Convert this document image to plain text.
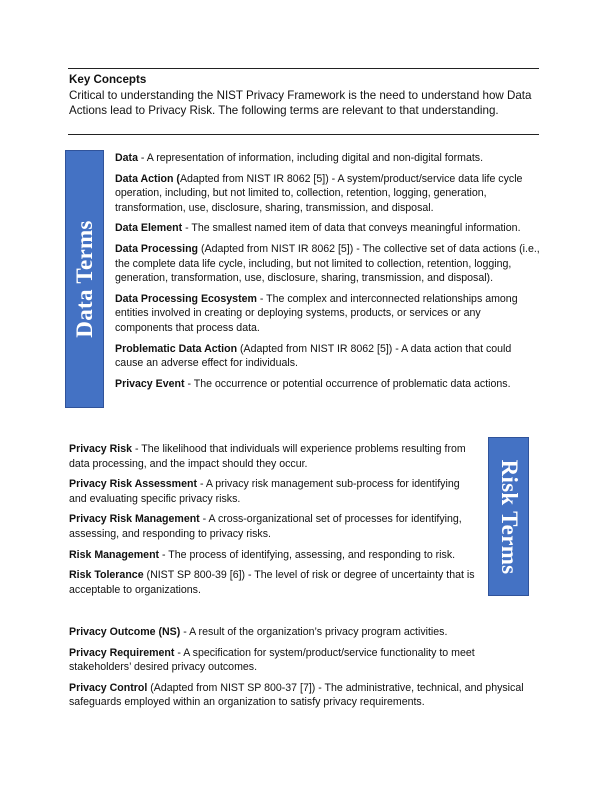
Key Concepts
Critical to understanding the NIST Privacy Framework is the need to understand how Data Actions lead to Privacy Risk. The following terms are relevant to that understanding.
Data Terms

Data - A representation of information, including digital and non-digital formats.

Data Action (Adapted from NIST IR 8062 [5]) - A system/product/service data life cycle operation, including, but not limited to, collection, retention, logging, generation, transformation, use, disclosure, sharing, transmission, and disposal.

Data Element - The smallest named item of data that conveys meaningful information.

Data Processing (Adapted from NIST IR 8062 [5]) - The collective set of data actions (i.e., the complete data life cycle, including, but not limited to collection, retention, logging, generation, transformation, use, disclosure, sharing, transmission, and disposal).

Data Processing Ecosystem - The complex and interconnected relationships among entities involved in creating or deploying systems, products, or services or any components that process data.

Problematic Data Action (Adapted from NIST IR 8062 [5]) - A data action that could cause an adverse effect for individuals.

Privacy Event - The occurrence or potential occurrence of problematic data actions.

Privacy Risk - The likelihood that individuals will experience problems resulting from data processing, and the impact should they occur.

Privacy Risk Assessment - A privacy risk management sub-process for identifying and evaluating specific privacy risks.

Privacy Risk Management - A cross-organizational set of processes for identifying, assessing, and responding to privacy risks.

Risk Management - The process of identifying, assessing, and responding to risk.

Risk Tolerance (NIST SP 800-39 [6]) - The level of risk or degree of uncertainty that is acceptable to organizations.

Risk Terms

Privacy Outcome (NS) - A result of the organization’s privacy program activities.

Privacy Requirement - A specification for system/product/service functionality to meet stakeholders’ desired privacy outcomes.

Privacy Control (Adapted from NIST SP 800-37 [7]) - The administrative, technical, and physical safeguards employed within an organization to satisfy privacy requirements.
